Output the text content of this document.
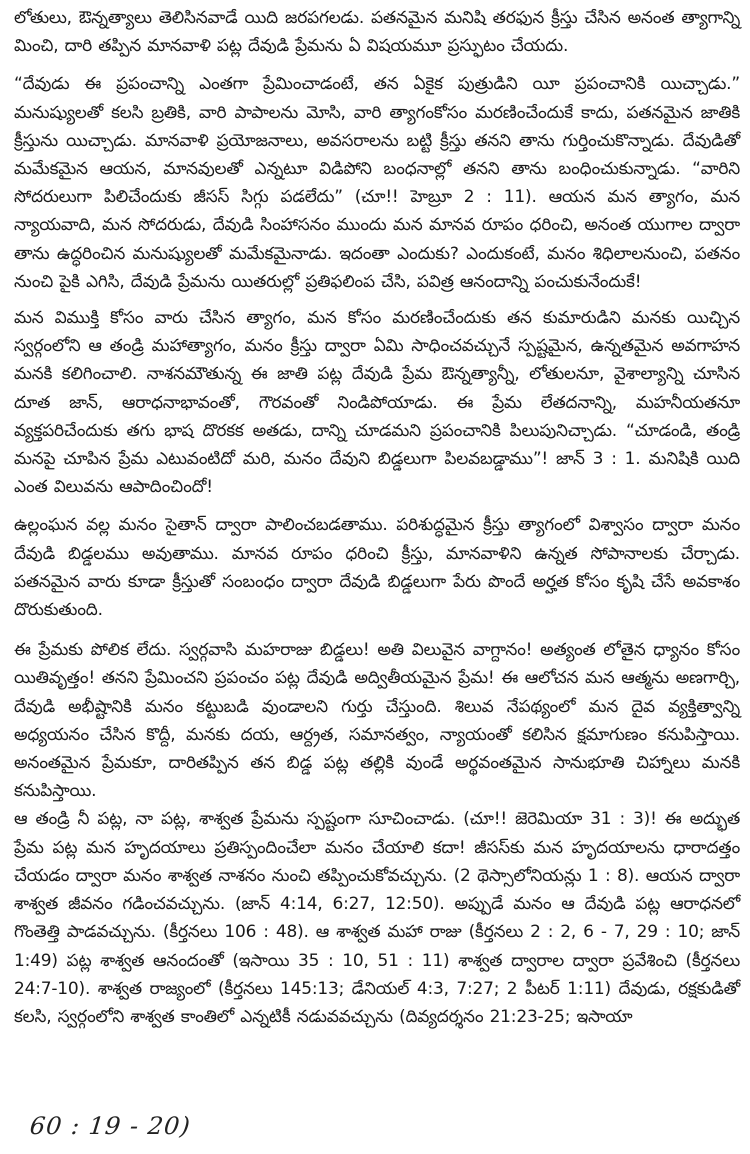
లోతులు, ఔన్నత్యాలు తెలిసినవాడే యిది జరపగలడు. పతనమైన మనిషి తరఫున క్రీస్తు చేసిన అనంత త్యాగాన్ని మించి, దారి తప్పిన మానవాళి పట్ల దేవుడి ప్రేమను ఏ విషయమూ ప్రస్ఫుటం చేయదు.

“దేవుడు ఈ ప్రపంచాన్ని ఎంతగా ప్రేమించాడంటే, తన ఏకైక పుత్రుడిని యీ ప్రపంచానికి యిచ్చాడు.” మనుష్యులతో కలసి బ్రతికి, వారి పాపాలను మోసి, వారి త్యాగంకోసం మరణించేందుకే కాదు, పతనమైన జాతికి క్రీస్తును యిచ్చాడు. మానవాళి ప్రయోజనాలు, అవసరాలను బట్టి క్రీస్తు తనని తాను గుర్తించుకొన్నాడు. దేవుడితో మమేకమైన ఆయన, మానవులతో ఎన్నటూ విడిపోని బంధనాల్లో తనని తాను బంధించుకున్నాడు. “వారిని సోదరులుగా పిలిచేందుకు జీసస్ సిగ్గు పడలేదు” (చూ!! హెబ్రూ 2 : 11). ఆయన మన త్యాగం, మన న్యాయవాది, మన సోదరుడు, దేవుడి సింహాసనం ముందు మన మానవ రూపం ధరించి, అనంత యుగాల ద్వారా తాను ఉద్ధరించిన మనుష్యులతో మమేకమైనాడు. ఇదంతా ఎందుకు? ఎందుకంటే, మనం శిధిలాలనుంచి, పతనం నుంచి పైకి ఎగిసి, దేవుడి ప్రేమను యితరుల్లో ప్రతిఫలింప చేసి, పవిత్ర ఆనందాన్ని పంచుకునేందుకే!

మన విముక్తి కోసం వారు చేసిన త్యాగం, మన కోసం మరణించేందుకు తన కుమారుడిని మనకు యిచ్చిన స్వర్గంలోని ఆ తండ్రి మహాత్యాగం, మనం క్రీస్తు ద్వారా ఏమి సాధించవచ్చునే స్పష్టమైన, ఉన్నతమైన అవగాహన మనకి కలిగించాలి. నాశనమౌతున్న ఈ జాతి పట్ల దేవుడి ప్రేమ ఔన్నత్యాన్నీ, లోతులనూ, వైశాల్యాన్ని చూసిన దూత జాన్, ఆరాధనాభావంతో, గౌరవంతో నిండిపోయాడు. ఈ ప్రేమ లేతదనాన్ని, మహనీయతనూ వ్యక్తపరిచేందుకు తగు భాష దొరకక అతడు, దాన్ని చూడమని ప్రపంచానికి పిలుపునిచ్చాడు. “చూడండి, తండ్రి మనపై చూపిన ప్రేమ ఎటువంటిదో మరి, మనం దేవుని బిడ్డలుగా పిలవబడ్డాము”! జాన్ 3 : 1. మనిషికి యిది ఎంత విలువను ఆపాదించిందో!

ఉల్లంఘన వల్ల మనం సైతాన్ ద్వారా పాలించబడతాము. పరిశుద్ధమైన క్రీస్తు త్యాగంలో విశ్వాసం ద్వారా మనం దేవుడి బిడ్డలము అవుతాము. మానవ రూపం ధరించి క్రీస్తు, మానవాళిని ఉన్నత సోపానాలకు చేర్చాడు. పతనమైన వారు కూడా క్రీస్తుతో సంబంధం ద్వారా దేవుడి బిడ్డలుగా పేరు పొందే అర్హత కోసం కృషి చేసే అవకాశం దొరుకుతుంది.

ఈ ప్రేమకు పోలిక లేదు. స్వర్గవాసి మహరాజు బిడ్డలు! అతి విలువైన వాగ్దానం! అత్యంత లోతైన ధ్యానం కోసం యితివృత్తం! తనని ప్రేమించని ప్రపంచం పట్ల దేవుడి అద్వితీయమైన ప్రేమ! ఈ ఆలోచన మన ఆత్మను అణగార్చి, దేవుడి అభీష్టానికి మనం కట్టుబడి వుండాలని గుర్తు చేస్తుంది. శిలువ నేపథ్యంలో మన దైవ వ్యక్తిత్వాన్ని అధ్యయనం చేసిన కొద్దీ, మనకు దయ, ఆర్ద్రత, సమానత్వం, న్యాయంతో కలిసిన క్షమాగుణం కనుపిస్తాయి. అనంతమైన ప్రేమకూ, దారితప్పిన తన బిడ్డ పట్ల తల్లికి వుండే అర్థవంతమైన సానుభూతి చిహ్నాలు మనకి కనుపిస్తాయి.

ఆ తండ్రి నీ పట్ల, నా పట్ల, శాశ్వత ప్రేమను స్పష్టంగా సూచించాడు. (చూ!! జెరెమియా 31 : 3)! ఈ అద్భుత ప్రేమ పట్ల మన హృదయాలు ప్రతిస్పందించేలా మనం చేయాలి కదా! జీసస్‌కు మన హృదయాలను ధారాదత్తం చేయడం ద్వారా మనం శాశ్వత నాశనం నుంచి తప్పించుకోవచ్చును. (2 థెస్సాలోనియన్లు 1 : 8). ఆయన ద్వారా శాశ్వత జీవనం గడించవచ్చును. (జాన్ 4:14, 6:27, 12:50). అప్పుడే మనం ఆ దేవుడి పట్ల ఆరాధనలో గొంతెత్తి పాడవచ్చును. (కీర్తనలు 106 : 48). ఆ శాశ్వత మహా రాజు (కీర్తనలు 2 : 2, 6 - 7, 29 : 10; జాన్ 1:49) పట్ల శాశ్వత ఆనందంతో (ఇసాయి 35 : 10, 51 : 11) శాశ్వత ద్వారాల ద్వారా ప్రవేశించి (కీర్తనలు 24:7-10). శాశ్వత రాజ్యంలో (కీర్తనలు 145:13; డేనియల్ 4:3, 7:27; 2 పీటర్ 1:11) దేవుడు, రక్షకుడితో కలసి, స్వర్గంలోని శాశ్వత కాంతిలో ఎన్నటికీ నడువవచ్చును (దివ్యదర్శనం 21:23-25; ఇసాయా

60 : 19 - 20)
